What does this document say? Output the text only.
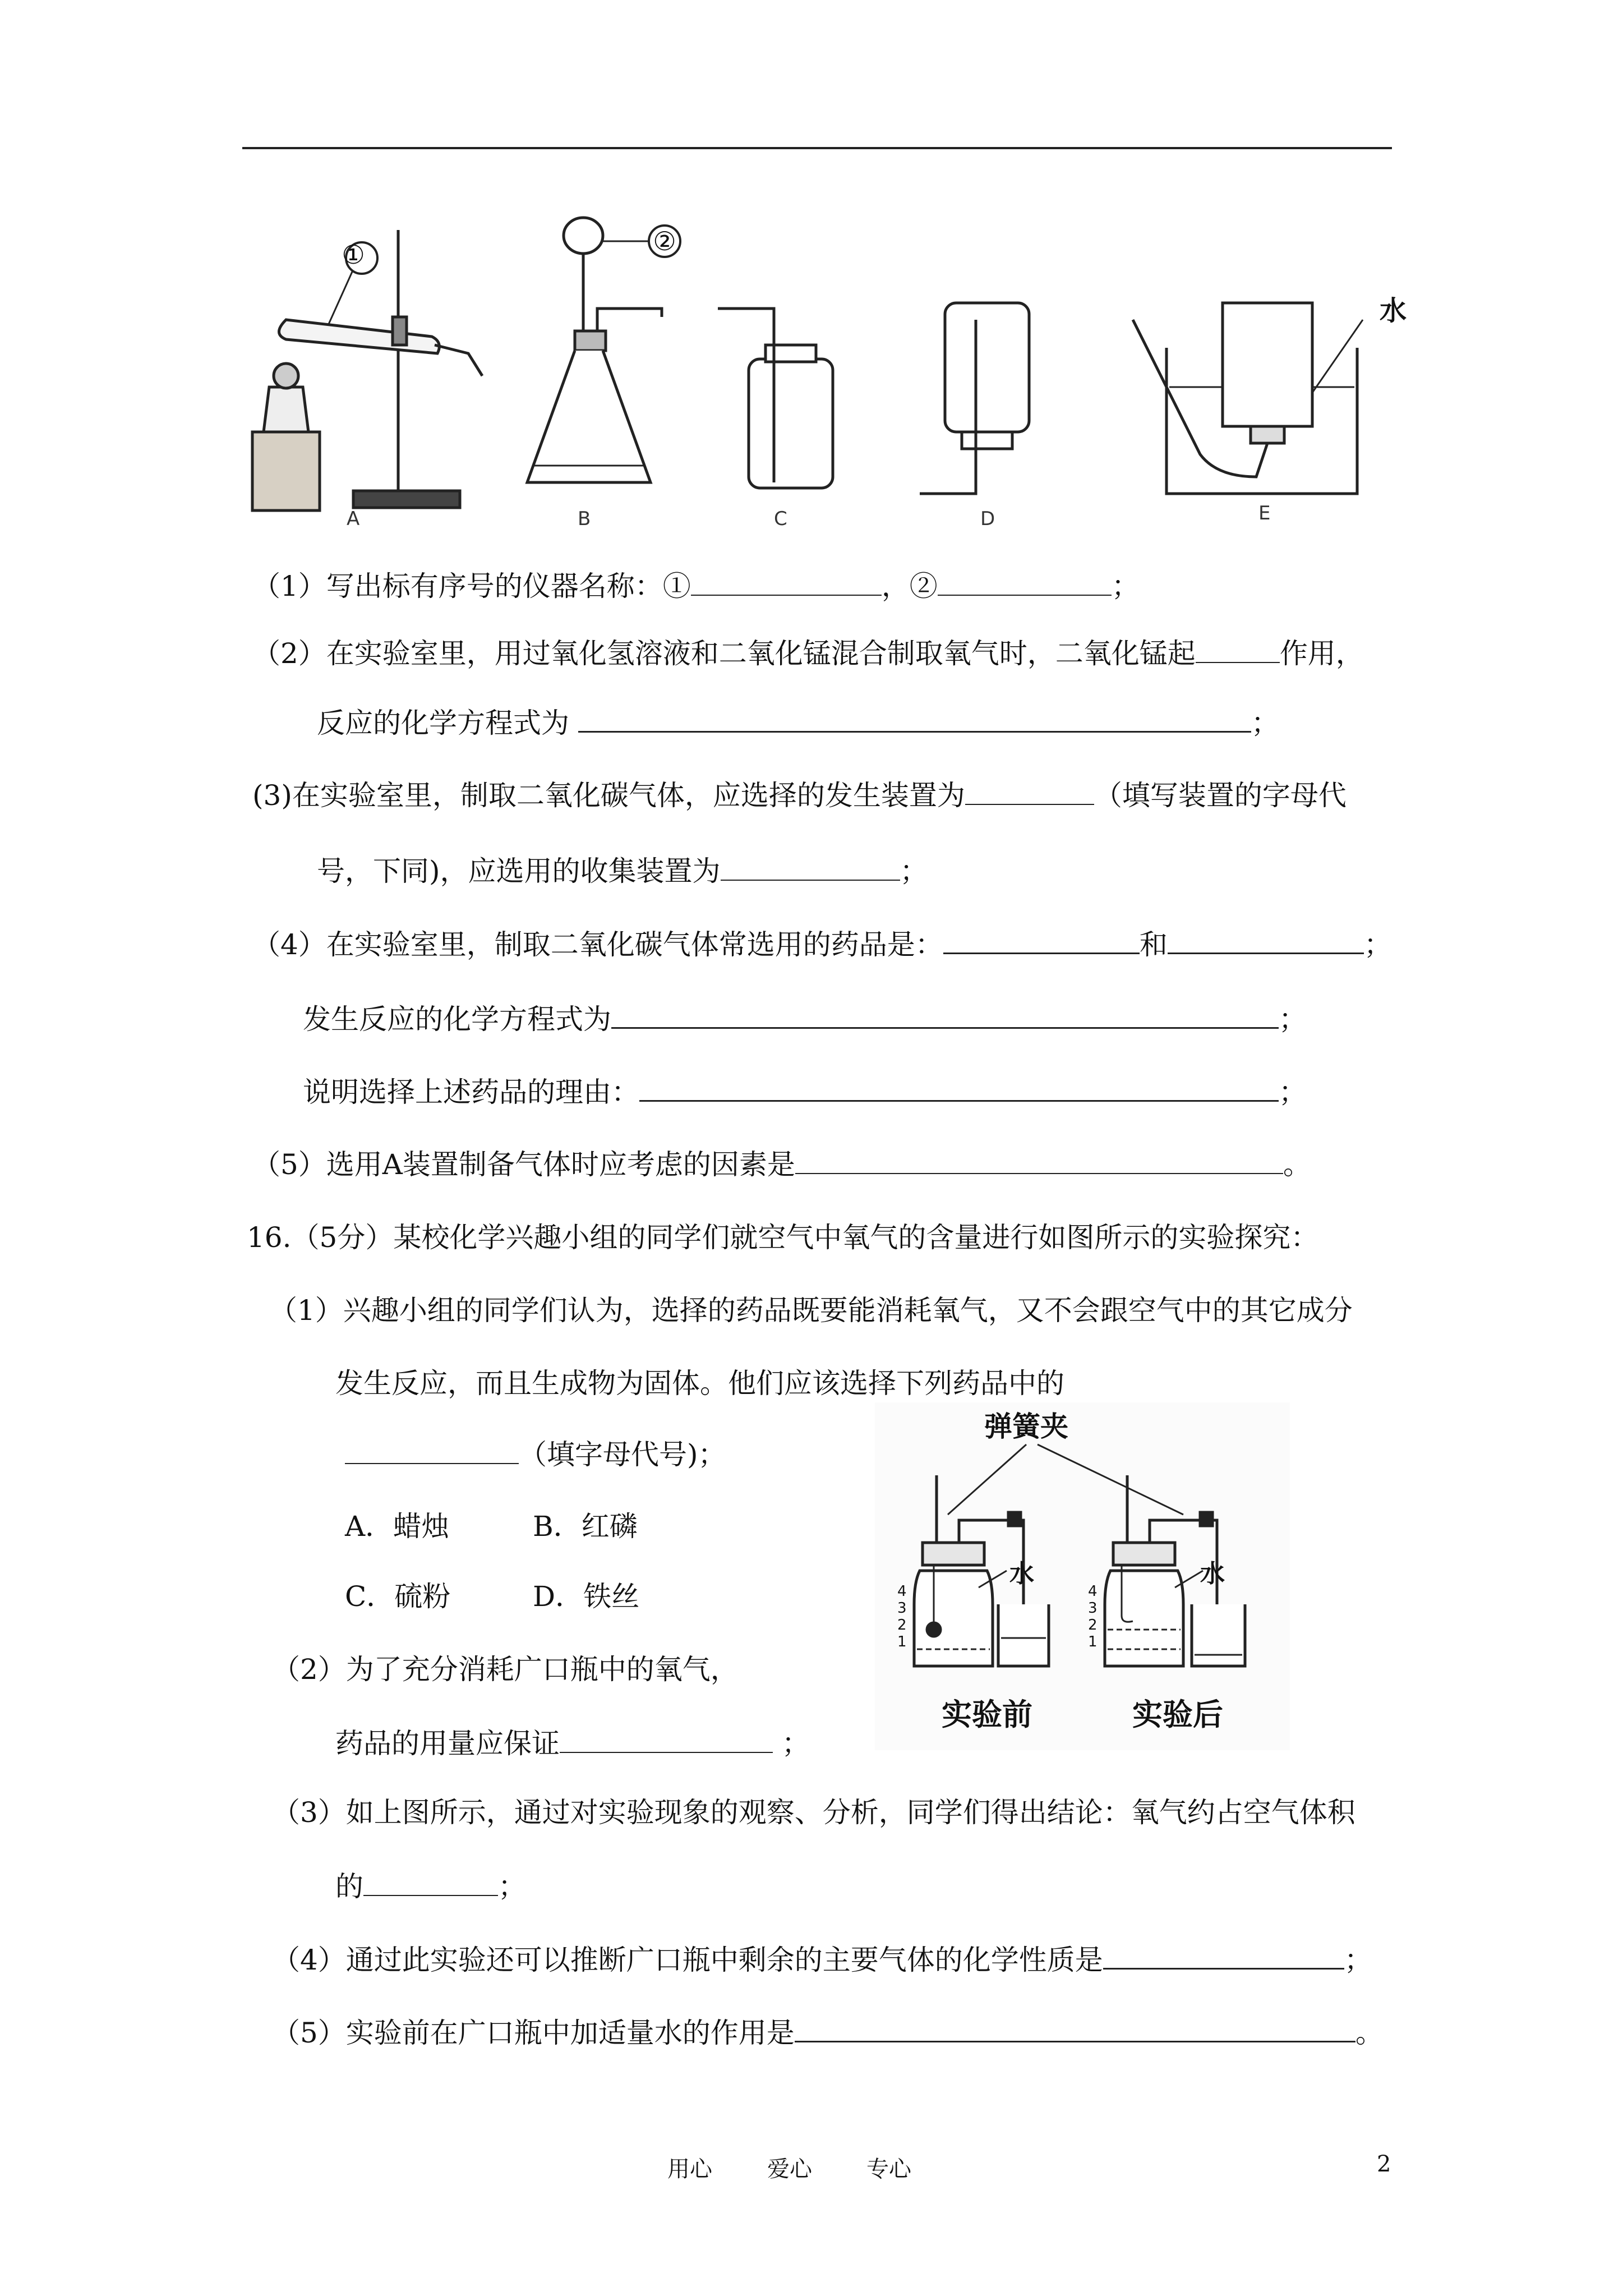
①	②
水
A	B	C	D	E
（1）写出标有序号的仪器名称：①	，②	；
（2）在实验室里，用过氧化氢溶液和二氧化锰混合制取氧气时，二氧化锰起	作用，
反应的化学方程式为	；
(3)在实验室里，制取二氧化碳气体，应选择的发生装置为	（填写装置的字母代
号，下同)，应选用的收集装置为	；
（4）在实验室里，制取二氧化碳气体常选用的药品是：	和	；
发生反应的化学方程式为	；
说明选择上述药品的理由：	；
（5）选用A装置制备气体时应考虑的因素是	。
16.（5分）某校化学兴趣小组的同学们就空气中氧气的含量进行如图所示的实验探究：
（1）兴趣小组的同学们认为，选择的药品既要能消耗氧气，又不会跟空气中的其它成分
发生反应，而且生成物为固体。他们应该选择下列药品中的
（填字母代号)；
A．蜡烛	B．红磷
C．硫粉	D．铁丝
（2）为了充分消耗广口瓶中的氧气，
药品的用量应保证	；
弹簧夹
水	水
4
3
2
1
4
3
2
1
实验前	实验后
（3）如上图所示，通过对实验现象的观察、分析，同学们得出结论：氧气约占空气体积
的	；
（4）通过此实验还可以推断广口瓶中剩余的主要气体的化学性质是	；
（5）实验前在广口瓶中加适量水的作用是	。
用心 爱心 专心	2
